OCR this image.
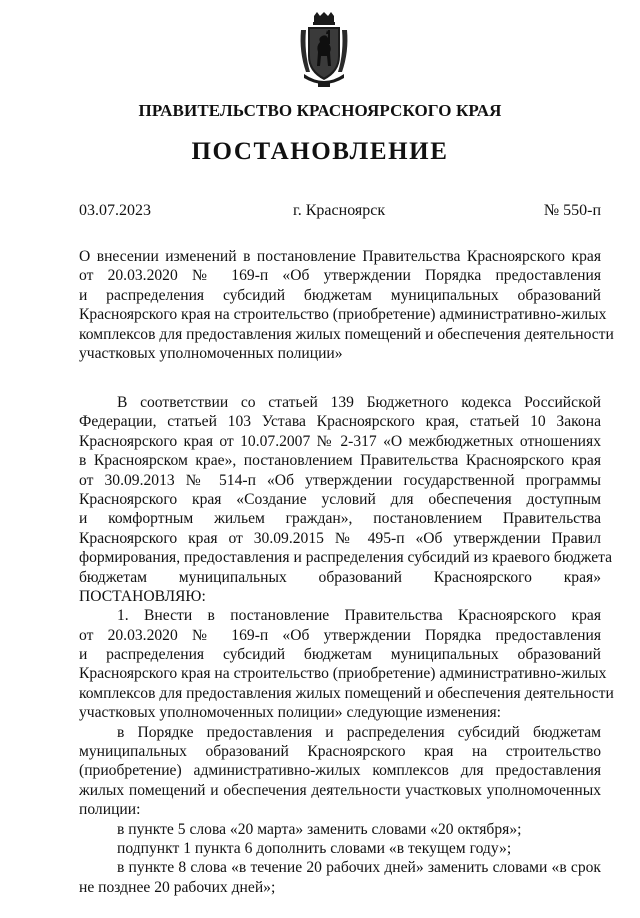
ПРАВИТЕЛЬСТВО КРАСНОЯРСКОГО КРАЯ
ПОСТАНОВЛЕНИЕ
03.07.2023	г. Красноярск	№ 550-п
О внесении изменений в постановление Правительства Красноярского края
от 20.03.2020 № 169-п «Об утверждении Порядка предоставления
и распределения субсидий бюджетам муниципальных образований
Красноярского края на строительство (приобретение) административно-жилых
комплексов для предоставления жилых помещений и обеспечения деятельности
участковых уполномоченных полиции»
В соответствии со статьей 139 Бюджетного кодекса Российской
Федерации, статьей 103 Устава Красноярского края, статьей 10 Закона
Красноярского края от 10.07.2007 № 2-317 «О межбюджетных отношениях
в Красноярском крае», постановлением Правительства Красноярского края
от 30.09.2013 № 514-п «Об утверждении государственной программы
Красноярского края «Создание условий для обеспечения доступным
и комфортным жильем граждан», постановлением Правительства
Красноярского края от 30.09.2015 № 495-п «Об утверждении Правил
формирования, предоставления и распределения субсидий из краевого бюджета
бюджетам муниципальных образований Красноярского края»
ПОСТАНОВЛЯЮ:
1. Внести в постановление Правительства Красноярского края
от 20.03.2020 № 169-п «Об утверждении Порядка предоставления
и распределения субсидий бюджетам муниципальных образований
Красноярского края на строительство (приобретение) административно-жилых
комплексов для предоставления жилых помещений и обеспечения деятельности
участковых уполномоченных полиции» следующие изменения:
в Порядке предоставления и распределения субсидий бюджетам
муниципальных образований Красноярского края на строительство
(приобретение) административно-жилых комплексов для предоставления
жилых помещений и обеспечения деятельности участковых уполномоченных
полиции:
в пункте 5 слова «20 марта» заменить словами «20 октября»;
подпункт 1 пункта 6 дополнить словами «в текущем году»;
в пункте 8 слова «в течение 20 рабочих дней» заменить словами «в срок
не позднее 20 рабочих дней»;
